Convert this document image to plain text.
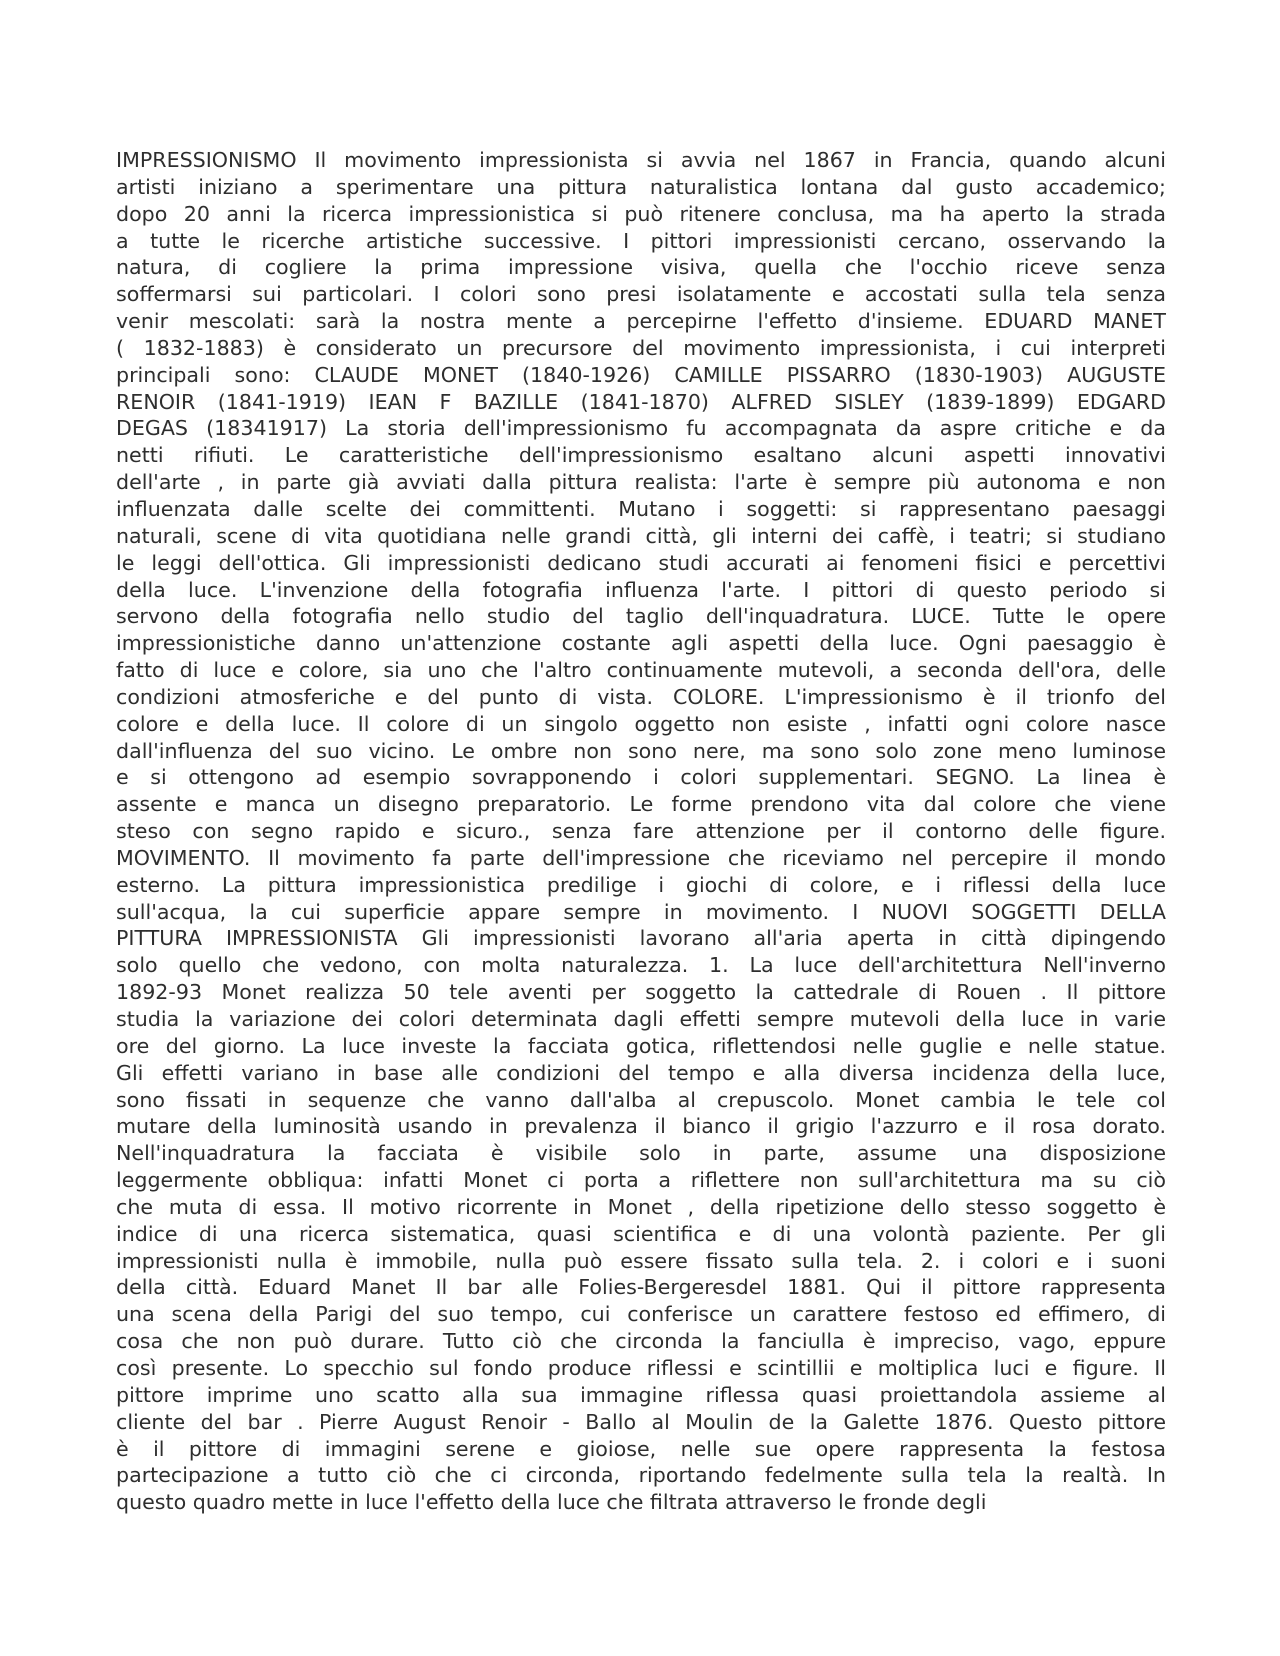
IMPRESSIONISMO Il movimento impressionista si avvia nel 1867 in Francia, quando alcuni
artisti iniziano a sperimentare una pittura naturalistica lontana dal gusto accademico;
dopo 20 anni la ricerca impressionistica si può ritenere conclusa, ma ha aperto la strada
a tutte le ricerche artistiche successive. I pittori impressionisti cercano, osservando la
natura, di cogliere la prima impressione visiva, quella che l'occhio riceve senza
soffermarsi sui particolari. I colori sono presi isolatamente e accostati sulla tela senza
venir mescolati: sarà la nostra mente a percepirne l'effetto d'insieme. EDUARD MANET
( 1832-1883) è considerato un precursore del movimento impressionista, i cui interpreti
principali sono: CLAUDE MONET (1840-1926) CAMILLE PISSARRO (1830-1903) AUGUSTE
RENOIR (1841-1919) IEAN F BAZILLE (1841-1870) ALFRED SISLEY (1839-1899) EDGARD
DEGAS (18341917) La storia dell'impressionismo fu accompagnata da aspre critiche e da
netti rifiuti. Le caratteristiche dell'impressionismo esaltano alcuni aspetti innovativi
dell'arte , in parte già avviati dalla pittura realista: l'arte è sempre più autonoma e non
influenzata dalle scelte dei committenti. Mutano i soggetti: si rappresentano paesaggi
naturali, scene di vita quotidiana nelle grandi città, gli interni dei caffè, i teatri; si studiano
le leggi dell'ottica. Gli impressionisti dedicano studi accurati ai fenomeni fisici e percettivi
della luce. L'invenzione della fotografia influenza l'arte. I pittori di questo periodo si
servono della fotografia nello studio del taglio dell'inquadratura. LUCE. Tutte le opere
impressionistiche danno un'attenzione costante agli aspetti della luce. Ogni paesaggio è
fatto di luce e colore, sia uno che l'altro continuamente mutevoli, a seconda dell'ora, delle
condizioni atmosferiche e del punto di vista. COLORE. L'impressionismo è il trionfo del
colore e della luce. Il colore di un singolo oggetto non esiste , infatti ogni colore nasce
dall'influenza del suo vicino. Le ombre non sono nere, ma sono solo zone meno luminose
e si ottengono ad esempio sovrapponendo i colori supplementari. SEGNO. La linea è
assente e manca un disegno preparatorio. Le forme prendono vita dal colore che viene
steso con segno rapido e sicuro., senza fare attenzione per il contorno delle figure.
MOVIMENTO. Il movimento fa parte dell'impressione che riceviamo nel percepire il mondo
esterno. La pittura impressionistica predilige i giochi di colore, e i riflessi della luce
sull'acqua, la cui superficie appare sempre in movimento. I NUOVI SOGGETTI DELLA
PITTURA IMPRESSIONISTA Gli impressionisti lavorano all'aria aperta in città dipingendo
solo quello che vedono, con molta naturalezza. 1. La luce dell'architettura Nell'inverno
1892-93 Monet realizza 50 tele aventi per soggetto la cattedrale di Rouen . Il pittore
studia la variazione dei colori determinata dagli effetti sempre mutevoli della luce in varie
ore del giorno. La luce investe la facciata gotica, riflettendosi nelle guglie e nelle statue.
Gli effetti variano in base alle condizioni del tempo e alla diversa incidenza della luce,
sono fissati in sequenze che vanno dall'alba al crepuscolo. Monet cambia le tele col
mutare della luminosità usando in prevalenza il bianco il grigio l'azzurro e il rosa dorato.
Nell'inquadratura la facciata è visibile solo in parte, assume una disposizione
leggermente obbliqua: infatti Monet ci porta a riflettere non sull'architettura ma su ciò
che muta di essa. Il motivo ricorrente in Monet , della ripetizione dello stesso soggetto è
indice di una ricerca sistematica, quasi scientifica e di una volontà paziente. Per gli
impressionisti nulla è immobile, nulla può essere fissato sulla tela. 2. i colori e i suoni
della città. Eduard Manet Il bar alle Folies-Bergeresdel 1881. Qui il pittore rappresenta
una scena della Parigi del suo tempo, cui conferisce un carattere festoso ed effimero, di
cosa che non può durare. Tutto ciò che circonda la fanciulla è impreciso, vago, eppure
così presente. Lo specchio sul fondo produce riflessi e scintillii e moltiplica luci e figure. Il
pittore imprime uno scatto alla sua immagine riflessa quasi proiettandola assieme al
cliente del bar . Pierre August Renoir - Ballo al Moulin de la Galette 1876. Questo pittore
è il pittore di immagini serene e gioiose, nelle sue opere rappresenta la festosa
partecipazione a tutto ciò che ci circonda, riportando fedelmente sulla tela la realtà. In
questo quadro mette in luce l'effetto della luce che filtrata attraverso le fronde degli
